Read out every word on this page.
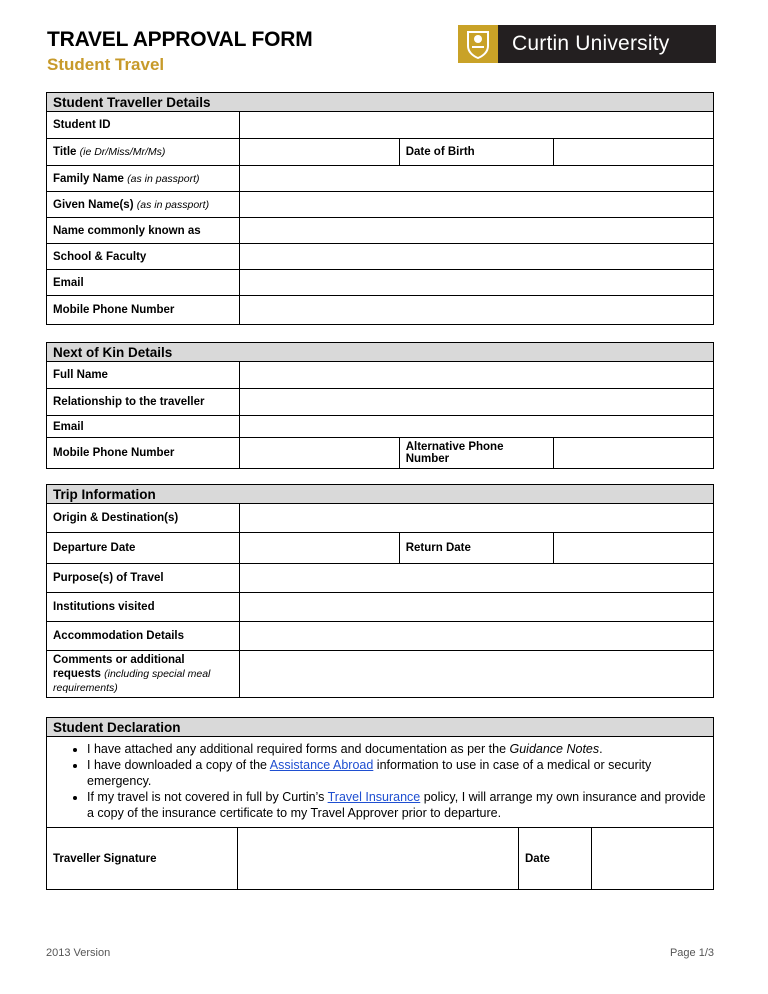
TRAVEL APPROVAL FORM
Student Travel
Curtin University
Student Traveller Details			
Student ID			
Title (ie Dr/Miss/Mr/Ms)		Date of Birth	
Family Name (as in passport)			
Given Name(s) (as in passport)			
Name commonly known as			
School & Faculty			
Email			
Mobile Phone Number			
Next of Kin Details			
Full Name			
Relationship to the traveller			
Email			
Mobile Phone Number		Alternative Phone Number	
Trip Information			
Origin & Destination(s)			
Departure Date		Return Date	
Purpose(s) of Travel			
Institutions visited			
Accommodation Details			
Comments or additional requests (including special meal requirements)			
Student Declaration

• I have attached any additional required forms and documentation as per the Guidance Notes.
• I have downloaded a copy of the Assistance Abroad information to use in case of a medical or security emergency.
• If my travel is not covered in full by Curtin’s Travel Insurance policy, I will arrange my own insurance and provide a copy of the insurance certificate to my Travel Approver prior to departure.

Traveller Signature		Date	
2013 Version	Page 1/3
